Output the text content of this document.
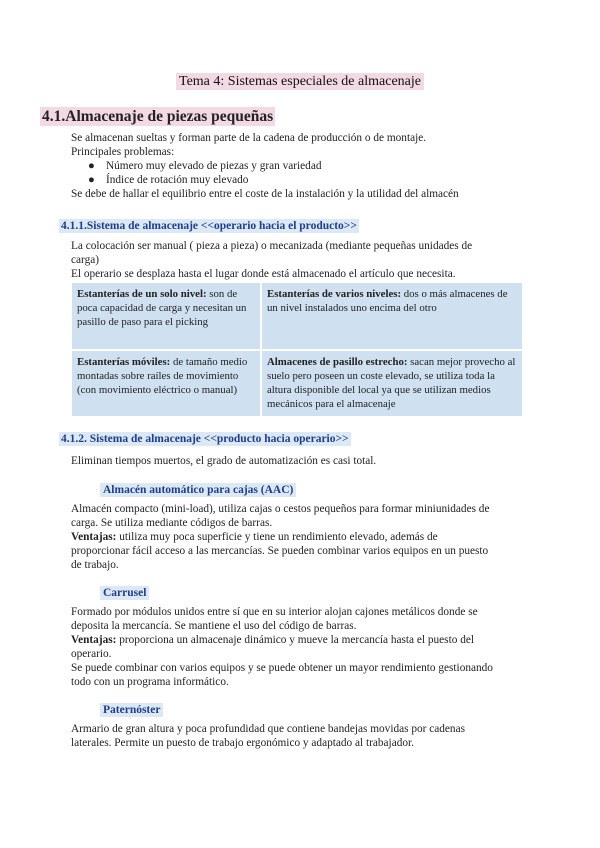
Tema 4: Sistemas especiales de almacenaje
4.1.Almacenaje de piezas pequeñas
Se almacenan sueltas y forman parte de la cadena de producción o de montaje.
Principales problemas:
● Número muy elevado de piezas y gran variedad
● Índice de rotación muy elevado
Se debe de hallar el equilibrio entre el coste de la instalación y la utilidad del almacén
4.1.1.Sistema de almacenaje <<operario hacia el producto>>
La colocación ser manual ( pieza a pieza) o mecanizada (mediante pequeñas unidades de
carga)
El operario se desplaza hasta el lugar donde está almacenado el artículo que necesita.
Estanterías de un solo nivel: son de poca capacidad de carga y necesitan un pasillo de paso para el picking	Estanterías de varios niveles: dos o más almacenes de un nivel instalados uno encima del otro
Estanterías móviles: de tamaño medio montadas sobre raíles de movimiento (con movimiento eléctrico o manual)	Almacenes de pasillo estrecho: sacan mejor provecho al suelo pero poseen un coste elevado, se utiliza toda la altura disponible del local ya que se utilizan medios mecánicos para el almacenaje
4.1.2. Sistema de almacenaje <<producto hacia operario>>
Eliminan tiempos muertos, el grado de automatización es casi total.
Almacén automático para cajas (AAC)
Almacén compacto (mini-load), utiliza cajas o cestos pequeños para formar miniunidades de
carga. Se utiliza mediante códigos de barras.
Ventajas: utiliza muy poca superficie y tiene un rendimiento elevado, además de
proporcionar fácil acceso a las mercancías. Se pueden combinar varios equipos en un puesto
de trabajo.
Carrusel
Formado por módulos unidos entre sí que en su interior alojan cajones metálicos donde se
deposita la mercancía. Se mantiene el uso del código de barras.
Ventajas: proporciona un almacenaje dinámico y mueve la mercancía hasta el puesto del
operario.
Se puede combinar con varios equipos y se puede obtener un mayor rendimiento gestionando
todo con un programa informático.
Paternóster
Armario de gran altura y poca profundidad que contiene bandejas movidas por cadenas
laterales. Permite un puesto de trabajo ergonómico y adaptado al trabajador.
